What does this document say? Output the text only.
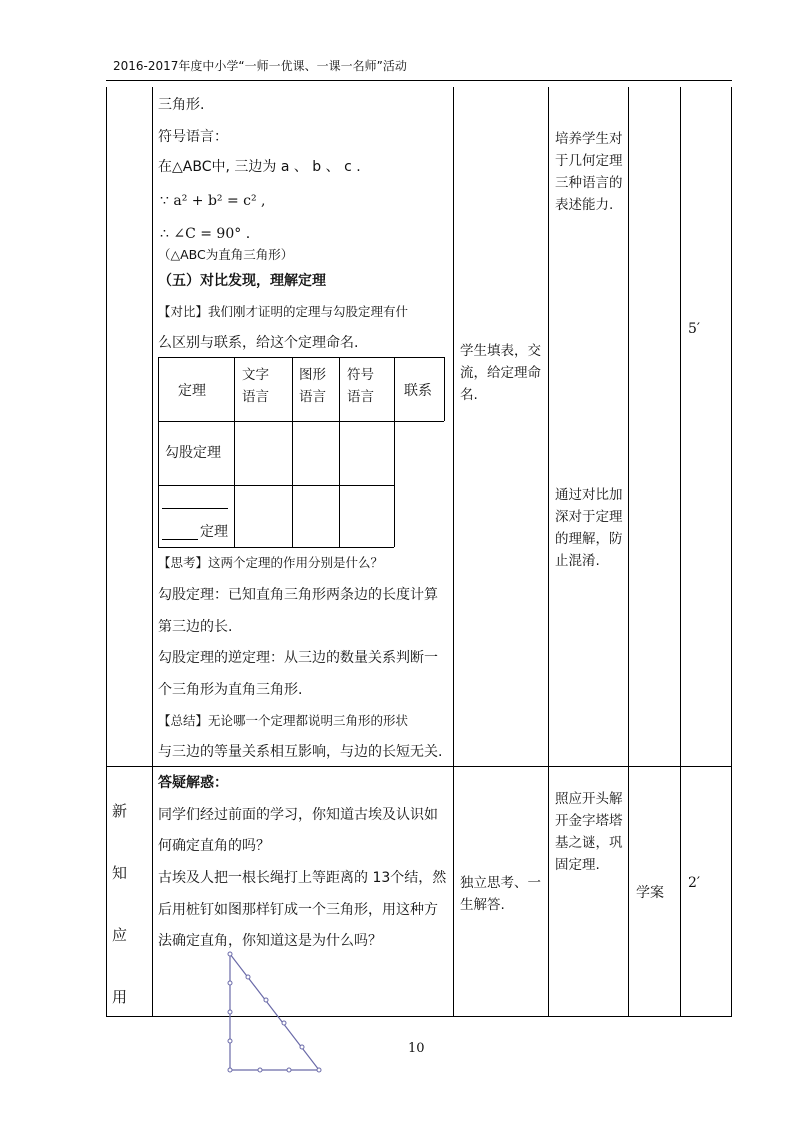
2016-2017年度中小学“一师一优课、一课一名师”活动
三角形.
符号语言：
在△ABC中, 三边为 a 、 b 、 c .
∵ a² + b² = c² ,
∴ ∠C = 90° .
（△ABC为直角三角形）
（五）对比发现，理解定理
【对比】我们刚才证明的定理与勾股定理有什
么区别与联系，给这个定理命名.
定理
文字语言
图形语言
符号语言	联系
勾股定理
定理
【思考】这两个定理的作用分别是什么？
勾股定理：已知直角三角形两条边的长度计算
第三边的长.
勾股定理的逆定理：从三边的数量关系判断一
个三角形为直角三角形.
【总结】无论哪一个定理都说明三角形的形状
与三边的等量关系相互影响，与边的长短无关.
学生填表，交流，给定理命名.
培养学生对于几何定理三种语言的表述能力.
通过对比加深对于定理的理解，防止混淆.
5′
新
知
应
用
答疑解惑：
同学们经过前面的学习，你知道古埃及认识如
何确定直角的吗？
古埃及人把一根长绳打上等距离的 13个结，然
后用桩钉如图那样钉成一个三角形，用这种方
法确定直角，你知道这是为什么吗？
独立思考、一生解答.
照应开头解开金字塔塔基之谜，巩固定理.
学案
2′
10
